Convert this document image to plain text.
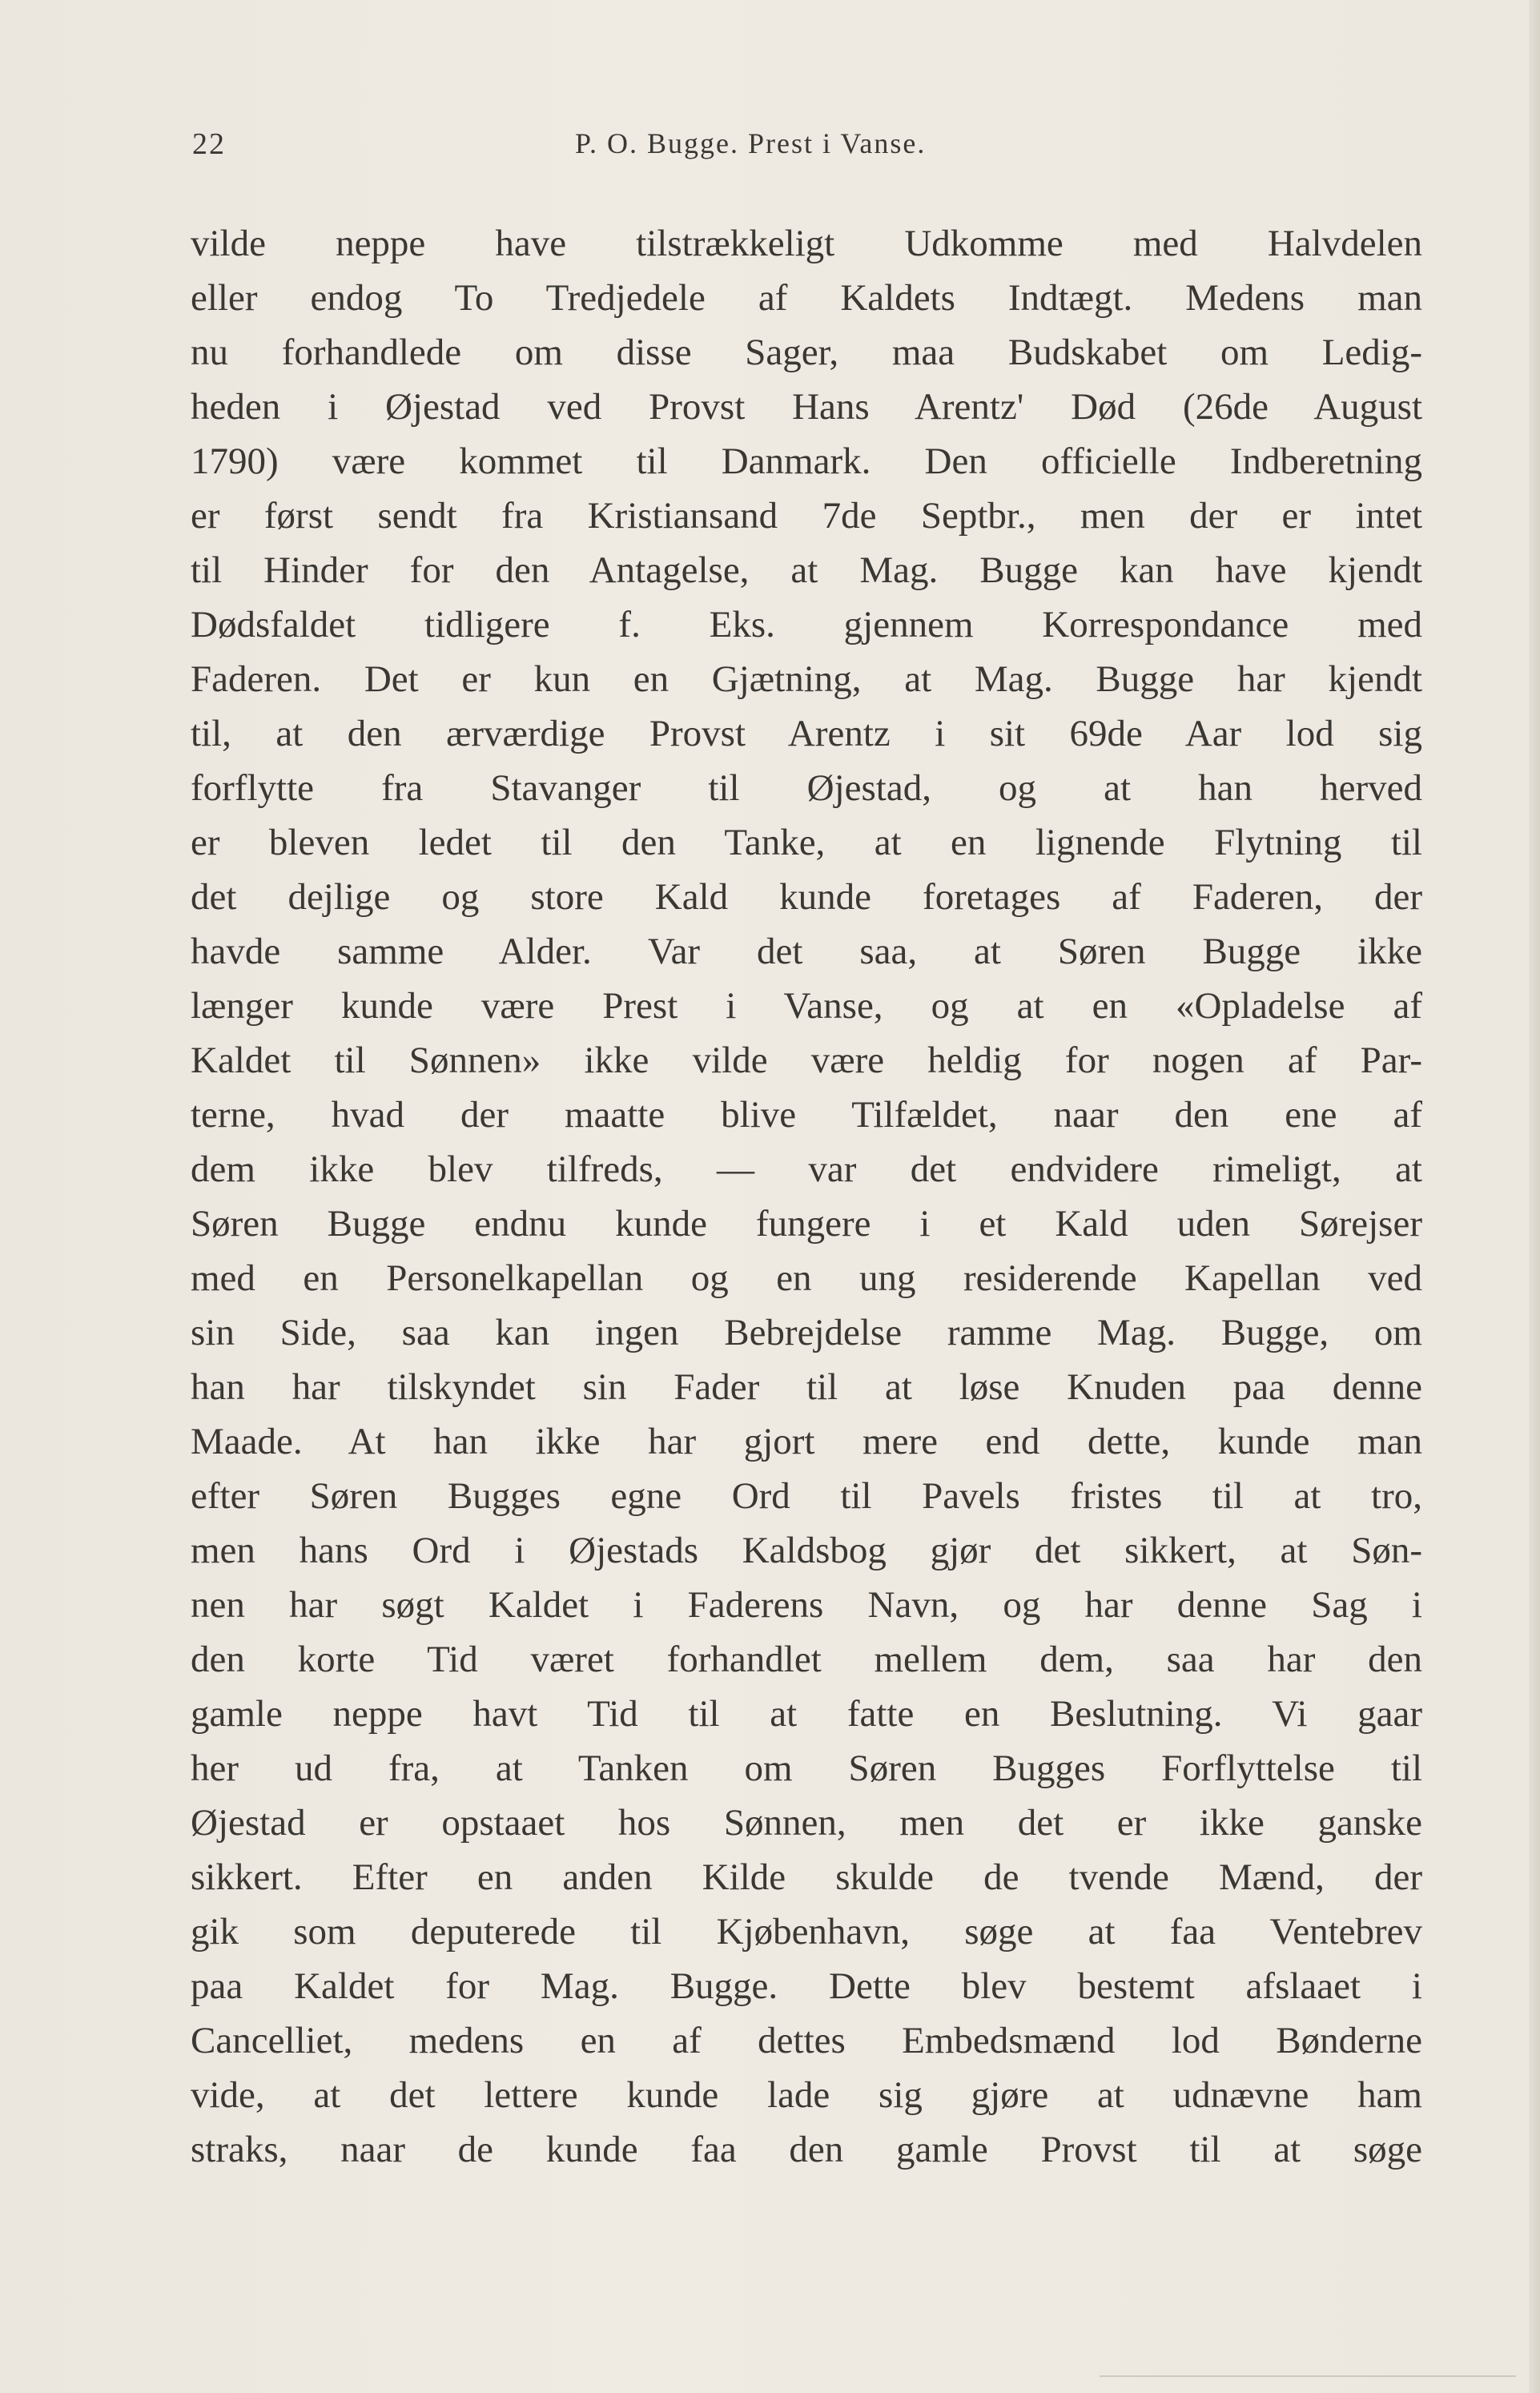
22	P. O. Bugge. Prest i Vanse.
vilde neppe have tilstrækkeligt Udkomme med Halvdelen
eller endog To Tredjedele af Kaldets Indtægt. Medens man
nu forhandlede om disse Sager, maa Budskabet om Ledig-
heden i Øjestad ved Provst Hans Arentz' Død (26de August
1790) være kommet til Danmark. Den officielle Indberetning
er først sendt fra Kristiansand 7de Septbr., men der er intet
til Hinder for den Antagelse, at Mag. Bugge kan have kjendt
Dødsfaldet tidligere f. Eks. gjennem Korrespondance med
Faderen. Det er kun en Gjætning, at Mag. Bugge har kjendt
til, at den ærværdige Provst Arentz i sit 69de Aar lod sig
forflytte fra Stavanger til Øjestad, og at han herved
er bleven ledet til den Tanke, at en lignende Flytning til
det dejlige og store Kald kunde foretages af Faderen, der
havde samme Alder. Var det saa, at Søren Bugge ikke
længer kunde være Prest i Vanse, og at en «Opladelse af
Kaldet til Sønnen» ikke vilde være heldig for nogen af Par-
terne, hvad der maatte blive Tilfældet, naar den ene af
dem ikke blev tilfreds, — var det endvidere rimeligt, at
Søren Bugge endnu kunde fungere i et Kald uden Sørejser
med en Personelkapellan og en ung residerende Kapellan ved
sin Side, saa kan ingen Bebrejdelse ramme Mag. Bugge, om
han har tilskyndet sin Fader til at løse Knuden paa denne
Maade. At han ikke har gjort mere end dette, kunde man
efter Søren Bugges egne Ord til Pavels fristes til at tro,
men hans Ord i Øjestads Kaldsbog gjør det sikkert, at Søn-
nen har søgt Kaldet i Faderens Navn, og har denne Sag i
den korte Tid været forhandlet mellem dem, saa har den
gamle neppe havt Tid til at fatte en Beslutning. Vi gaar
her ud fra, at Tanken om Søren Bugges Forflyttelse til
Øjestad er opstaaet hos Sønnen, men det er ikke ganske
sikkert. Efter en anden Kilde skulde de tvende Mænd, der
gik som deputerede til Kjøbenhavn, søge at faa Ventebrev
paa Kaldet for Mag. Bugge. Dette blev bestemt afslaaet i
Cancelliet, medens en af dettes Embedsmænd lod Bønderne
vide, at det lettere kunde lade sig gjøre at udnævne ham
straks, naar de kunde faa den gamle Provst til at søge
